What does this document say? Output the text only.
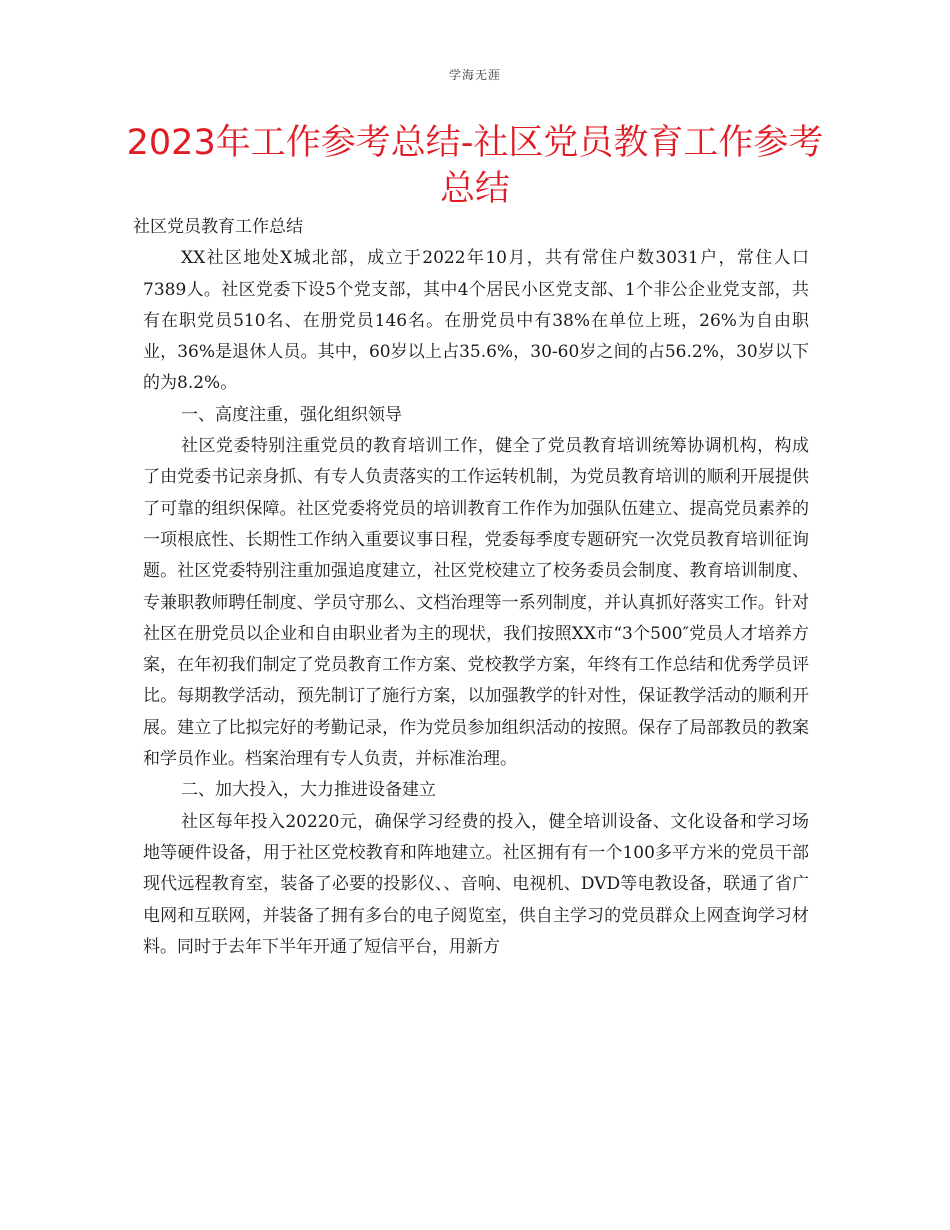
学海无涯
2023年工作参考总结-社区党员教育工作参考总结

社区党员教育工作总结

XX社区地处X城北部，成立于2022年10月，共有常住户数3031户，常住人口7389人。社区党委下设5个党支部，其中4个居民小区党支部、1个非公企业党支部，共有在职党员510名、在册党员146名。在册党员中有38%在单位上班，26%为自由职业，36%是退休人员。其中，60岁以上占35.6%，30-60岁之间的占56.2%，30岁以下的为8.2%。

一、高度注重，强化组织领导

社区党委特别注重党员的教育培训工作，健全了党员教育培训统筹协调机构，构成了由党委书记亲身抓、有专人负责落实的工作运转机制，为党员教育培训的顺利开展提供了可靠的组织保障。社区党委将党员的培训教育工作作为加强队伍建立、提高党员素养的一项根底性、长期性工作纳入重要议事日程，党委每季度专题研究一次党员教育培训征询题。社区党委特别注重加强追度建立，社区党校建立了校务委员会制度、教育培训制度、专兼职教师聘任制度、学员守那么、文档治理等一系列制度，并认真抓好落实工作。针对社区在册党员以企业和自由职业者为主的现状，我们按照XX市“3个500″党员人才培养方案，在年初我们制定了党员教育工作方案、党校教学方案，年终有工作总结和优秀学员评比。每期教学活动，预先制订了施行方案，以加强教学的针对性，保证教学活动的顺利开展。建立了比拟完好的考勤记录，作为党员参加组织活动的按照。保存了局部教员的教案和学员作业。档案治理有专人负责，并标准治理。

二、加大投入，大力推进设备建立

社区每年投入20220元，确保学习经费的投入，健全培训设备、文化设备和学习场地等硬件设备，用于社区党校教育和阵地建立。社区拥有有一个100多平方米的党员干部现代远程教育室，装备了必要的投影仪、、音响、电视机、DVD等电教设备，联通了省广电网和互联网，并装备了拥有多台的电子阅览室，供自主学习的党员群众上网查询学习材料。同时于去年下半年开通了短信平台，用新方
